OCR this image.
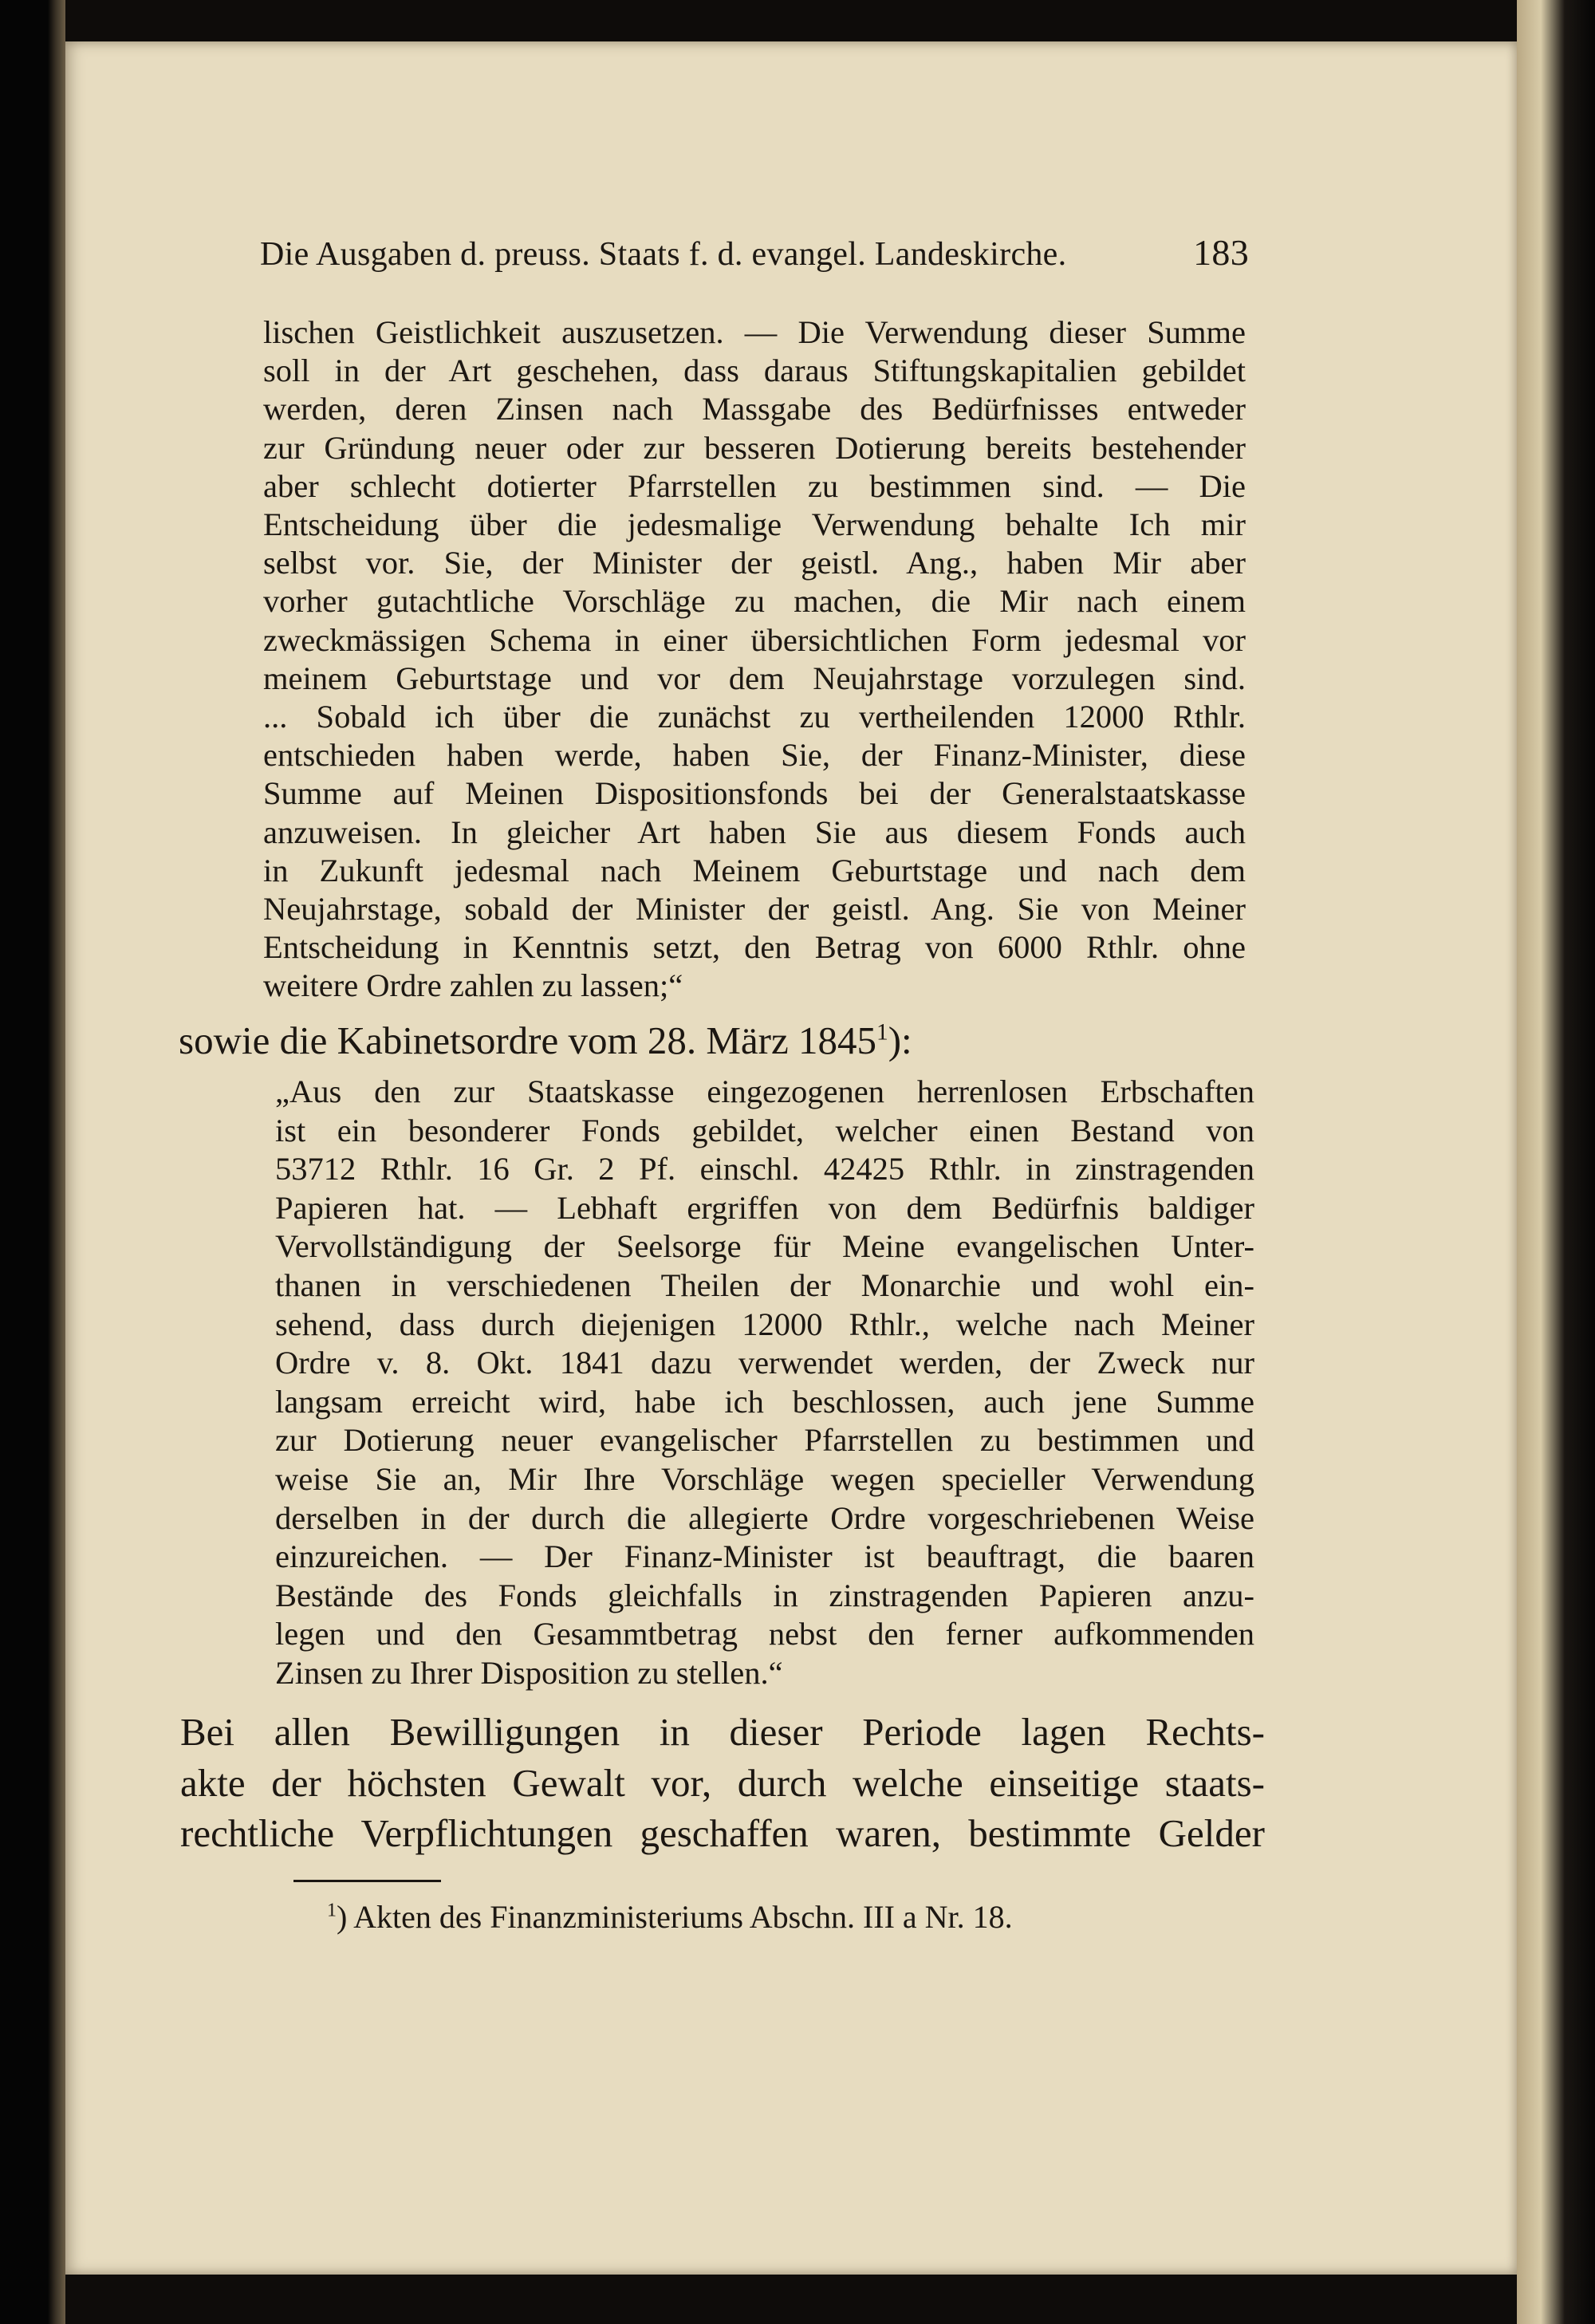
Die Ausgaben d. preuss. Staats f. d. evangel. Landeskirche.	183
lischen Geistlichkeit auszusetzen. — Die Verwendung dieser Summe
soll in der Art geschehen, dass daraus Stiftungskapitalien gebildet
werden, deren Zinsen nach Massgabe des Bedürfnisses entweder
zur Gründung neuer oder zur besseren Dotierung bereits bestehender
aber schlecht dotierter Pfarrstellen zu bestimmen sind. — Die
Entscheidung über die jedesmalige Verwendung behalte Ich mir
selbst vor. Sie, der Minister der geistl. Ang., haben Mir aber
vorher gutachtliche Vorschläge zu machen, die Mir nach einem
zweckmässigen Schema in einer übersichtlichen Form jedesmal vor
meinem Geburtstage und vor dem Neujahrstage vorzulegen sind.
... Sobald ich über die zunächst zu vertheilenden 12000 Rthlr.
entschieden haben werde, haben Sie, der Finanz-Minister, diese
Summe auf Meinen Dispositionsfonds bei der Generalstaatskasse
anzuweisen. In gleicher Art haben Sie aus diesem Fonds auch
in Zukunft jedesmal nach Meinem Geburtstage und nach dem
Neujahrstage, sobald der Minister der geistl. Ang. Sie von Meiner
Entscheidung in Kenntnis setzt, den Betrag von 6000 Rthlr. ohne
weitere Ordre zahlen zu lassen;“
sowie die Kabinetsordre vom 28. März 1845$^1$):
„Aus den zur Staatskasse eingezogenen herrenlosen Erbschaften
ist ein besonderer Fonds gebildet, welcher einen Bestand von
53712 Rthlr. 16 Gr. 2 Pf. einschl. 42425 Rthlr. in zinstragenden
Papieren hat. — Lebhaft ergriffen von dem Bedürfnis baldiger
Vervollständigung der Seelsorge für Meine evangelischen Unter-
thanen in verschiedenen Theilen der Monarchie und wohl ein-
sehend, dass durch diejenigen 12000 Rthlr., welche nach Meiner
Ordre v. 8. Okt. 1841 dazu verwendet werden, der Zweck nur
langsam erreicht wird, habe ich beschlossen, auch jene Summe
zur Dotierung neuer evangelischer Pfarrstellen zu bestimmen und
weise Sie an, Mir Ihre Vorschläge wegen specieller Verwendung
derselben in der durch die allegierte Ordre vorgeschriebenen Weise
einzureichen. — Der Finanz-Minister ist beauftragt, die baaren
Bestände des Fonds gleichfalls in zinstragenden Papieren anzu-
legen und den Gesammtbetrag nebst den ferner aufkommenden
Zinsen zu Ihrer Disposition zu stellen.“
Bei allen Bewilligungen in dieser Periode lagen Rechts-
akte der höchsten Gewalt vor, durch welche einseitige staats-
rechtliche Verpflichtungen geschaffen waren, bestimmte Gelder
$^1$) Akten des Finanzministeriums Abschn. III a Nr. 18.
